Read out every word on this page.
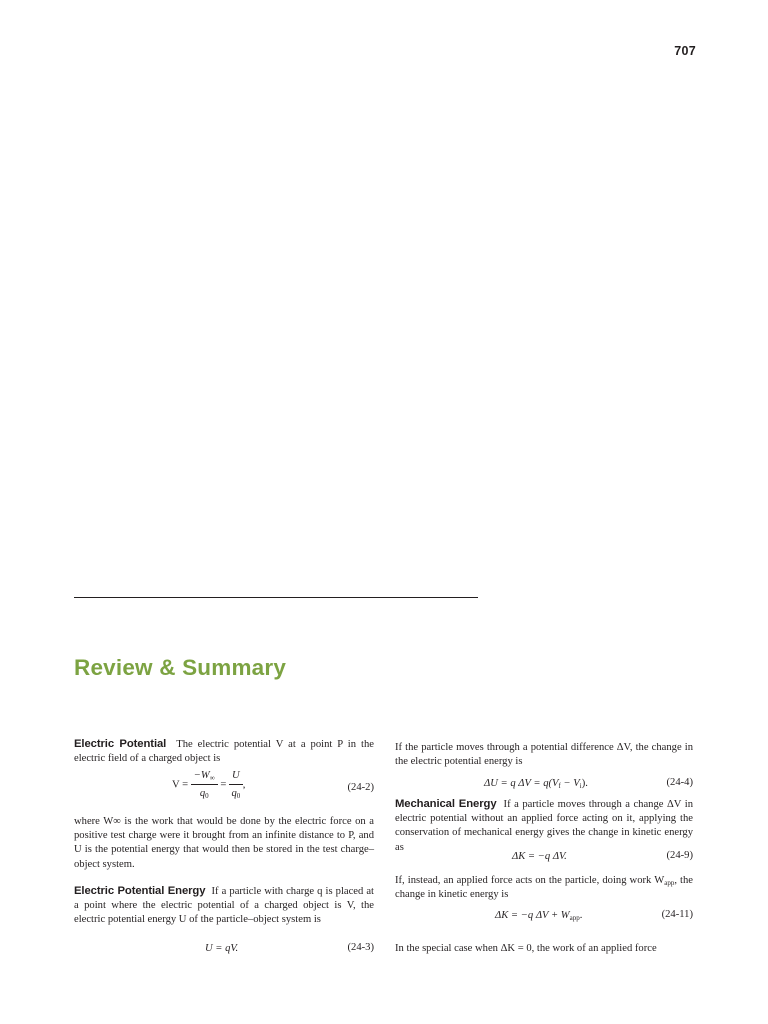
707
Review & Summary
Electric Potential The electric potential V at a point P in the electric field of a charged object is
$V = \frac{-W_\infty}{q_0} = \frac{U}{q_0}$ ,	(24-2)
where W∞ is the work that would be done by the electric force on a positive test charge were it brought from an infinite distance to P, and U is the potential energy that would then be stored in the test charge–object system.
Electric Potential Energy If a particle with charge q is placed at a point where the electric potential of a charged object is V, the electric potential energy U of the particle–object system is
U = qV.	(24-3)
If the particle moves through a potential difference ΔV, the change in the electric potential energy is
ΔU = q $\Delta V = q(V_f - V_i)$.	(24-4)
Mechanical Energy If a particle moves through a change ΔV in electric potential without an applied force acting on it, applying the conservation of mechanical energy gives the change in kinetic energy as
ΔK = −q ΔV.	(24-9)
If, instead, an applied force acts on the particle, doing work $W_{app}$, the change in kinetic energy is
ΔK = −q $\Delta V + W_{app}$.	(24-11)
In the special case when ΔK = 0, the work of an applied force
